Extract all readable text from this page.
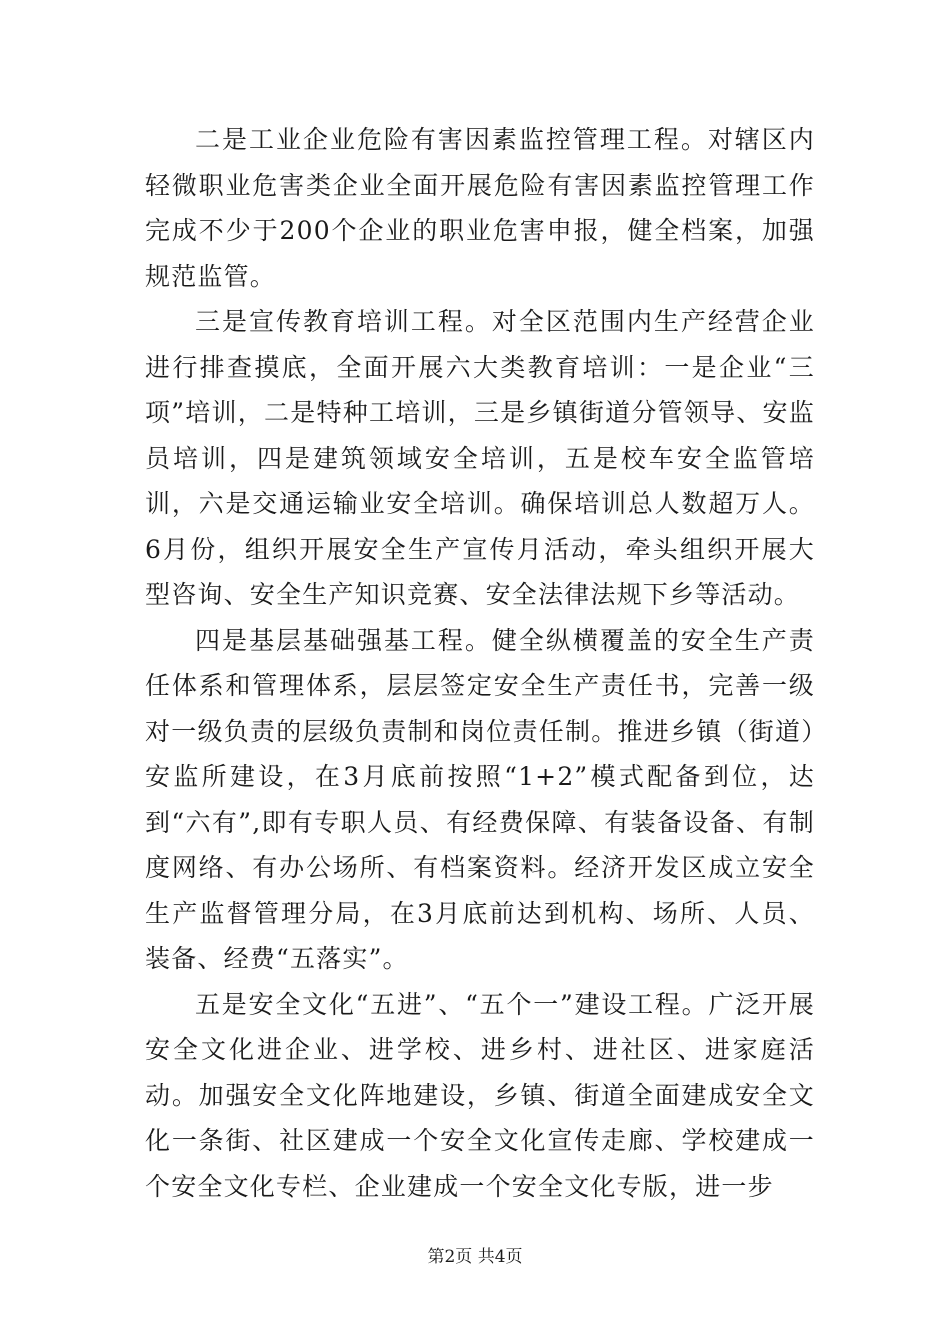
二是工业企业危险有害因素监控管理工程。对辖区内轻微职业危害类企业全面开展危险有害因素监控管理工作完成不少于200个企业的职业危害申报，健全档案，加强规范监管。

三是宣传教育培训工程。对全区范围内生产经营企业进行排查摸底，全面开展六大类教育培训：一是企业“三项”培训，二是特种工培训，三是乡镇街道分管领导、安监员培训，四是建筑领域安全培训，五是校车安全监管培训，六是交通运输业安全培训。确保培训总人数超万人。6月份，组织开展安全生产宣传月活动，牵头组织开展大型咨询、安全生产知识竞赛、安全法律法规下乡等活动。

四是基层基础强基工程。健全纵横覆盖的安全生产责任体系和管理体系，层层签定安全生产责任书，完善一级对一级负责的层级负责制和岗位责任制。推进乡镇（街道）安监所建设，在3月底前按照“1+2”模式配备到位，达到“六有”,即有专职人员、有经费保障、有装备设备、有制度网络、有办公场所、有档案资料。经济开发区成立安全生产监督管理分局，在3月底前达到机构、场所、人员、装备、经费“五落实”。

五是安全文化“五进”、“五个一”建设工程。广泛开展安全文化进企业、进学校、进乡村、进社区、进家庭活动。加强安全文化阵地建设，乡镇、街道全面建成安全文化一条街、社区建成一个安全文化宣传走廊、学校建成一个安全文化专栏、企业建成一个安全文化专版，进一步

第2页 共4页
